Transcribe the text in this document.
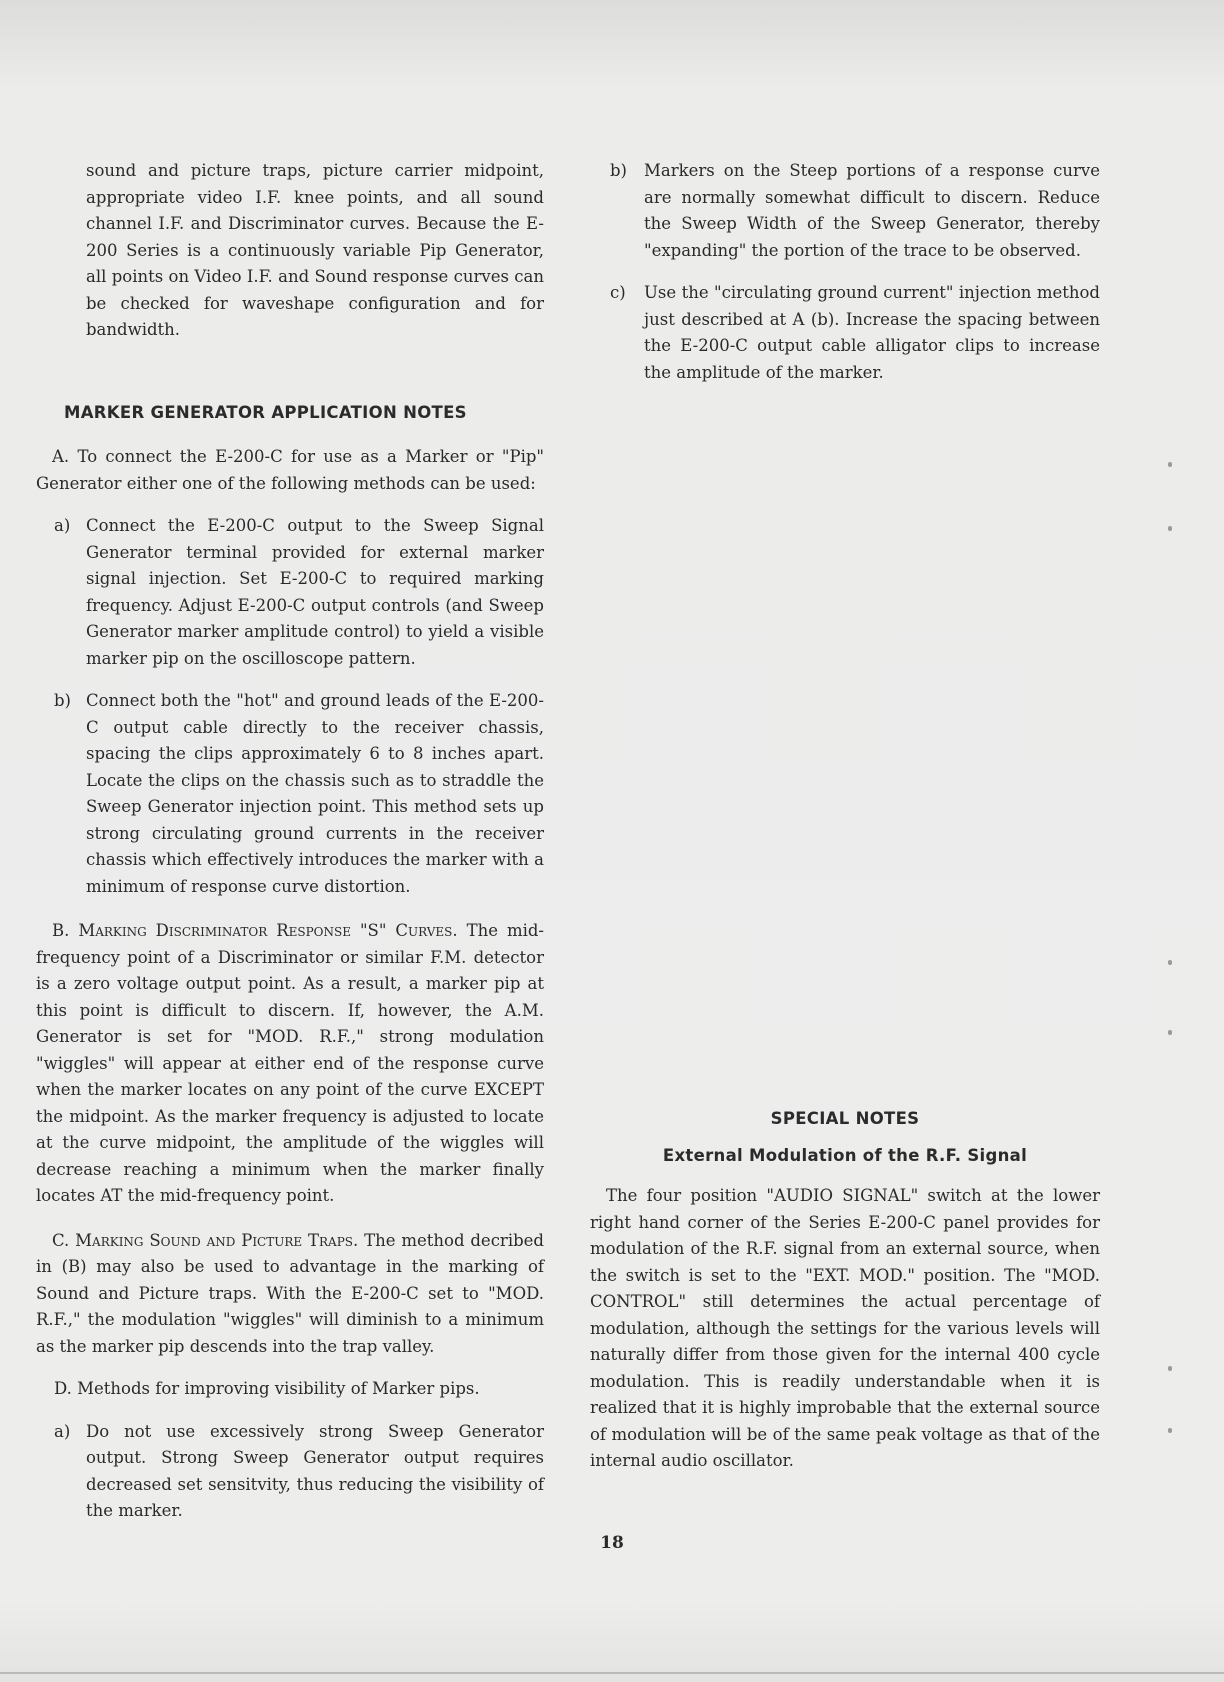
sound and picture traps, picture carrier midpoint, appropriate video I.F. knee points, and all sound channel I.F. and Discriminator curves. Because the E-200 Series is a continuously variable Pip Generator, all points on Video I.F. and Sound response curves can be checked for waveshape configuration and for bandwidth.

MARKER GENERATOR APPLICATION NOTES

A. To connect the E-200-C for use as a Marker or "Pip" Generator either one of the following methods can be used:

a) Connect the E-200-C output to the Sweep Signal Generator terminal provided for external marker signal injection. Set E-200-C to required marking frequency. Adjust E-200-C output controls (and Sweep Generator marker amplitude control) to yield a visible marker pip on the oscilloscope pattern.
b) Connect both the "hot" and ground leads of the E-200-C output cable directly to the receiver chassis, spacing the clips approximately 6 to 8 inches apart. Locate the clips on the chassis such as to straddle the Sweep Generator injection point. This method sets up strong circulating ground currents in the receiver chassis which effectively introduces the marker with a minimum of response curve distortion.

B. Marking Discriminator Response "S" Curves. The mid-frequency point of a Discriminator or similar F.M. detector is a zero voltage output point. As a result, a marker pip at this point is difficult to discern. If, however, the A.M. Generator is set for "MOD. R.F.," strong modulation "wiggles" will appear at either end of the response curve when the marker locates on any point of the curve EXCEPT the midpoint. As the marker frequency is adjusted to locate at the curve midpoint, the amplitude of the wiggles will decrease reaching a minimum when the marker finally locates AT the mid-frequency point.

C. Marking Sound and Picture Traps. The method decribed in (B) may also be used to advantage in the marking of Sound and Picture traps. With the E-200-C set to "MOD. R.F.," the modulation "wiggles" will diminish to a minimum as the marker pip descends into the trap valley.

D. Methods for improving visibility of Marker pips.

a) Do not use excessively strong Sweep Generator output. Strong Sweep Generator output requires decreased set sensitvity, thus reducing the visibility of the marker.
b)	Markers on the Steep portions of a response curve are normally somewhat difficult to discern. Reduce the Sweep Width of the Sweep Generator, thereby "expanding" the portion of the trace to be observed.
c)	Use the "circulating ground current" injection method just described at A (b). Increase the spacing between the E-200-C output cable alligator clips to increase the amplitude of the marker.
SPECIAL NOTES
External Modulation of the R.F. Signal

The four position "AUDIO SIGNAL" switch at the lower right hand corner of the Series E-200-C panel provides for modulation of the R.F. signal from an external source, when the switch is set to the "EXT. MOD." position. The "MOD. CONTROL" still determines the actual percentage of modulation, although the settings for the various levels will naturally differ from those given for the internal 400 cycle modulation. This is readily understandable when it is realized that it is highly improbable that the external source of modulation will be of the same peak voltage as that of the internal audio oscillator.

18
